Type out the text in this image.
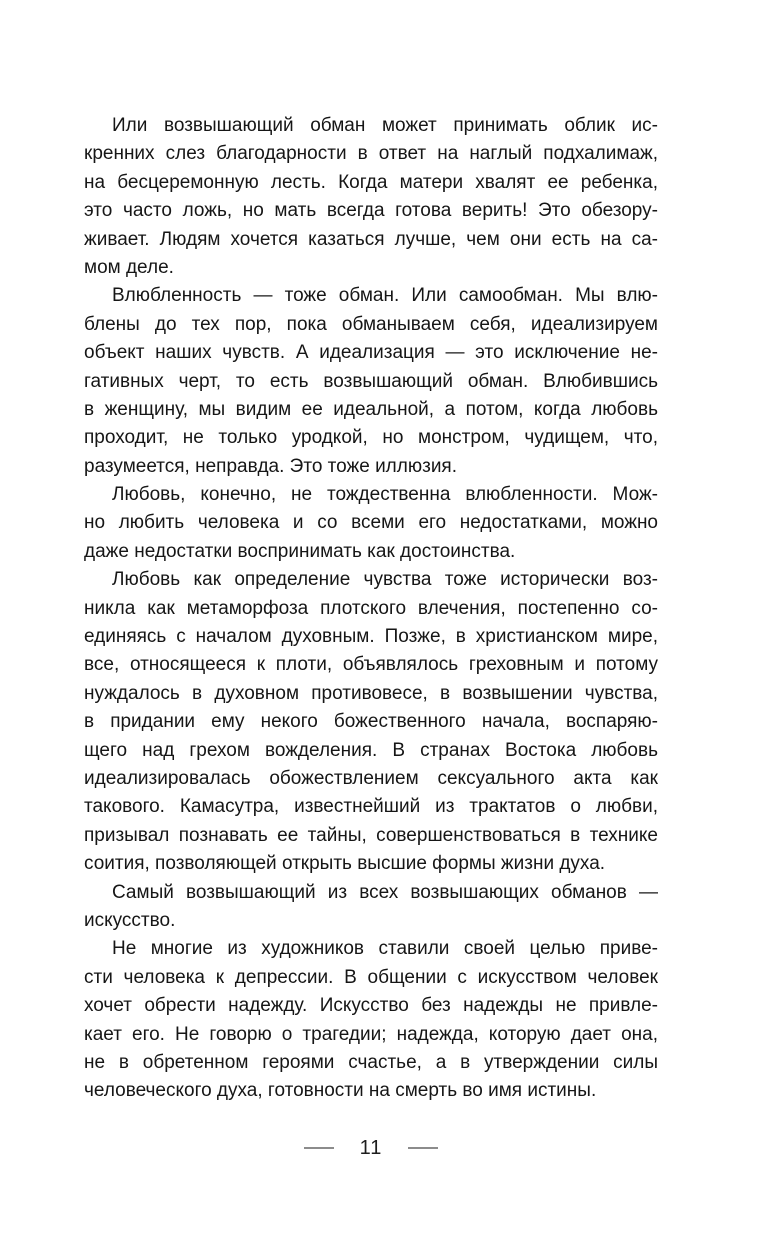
Или возвышающий обман может принимать облик ис-
кренних слез благодарности в ответ на наглый подхалимаж,
на бесцеремонную лесть. Когда матери хвалят ее ребенка,
это часто ложь, но мать всегда готова верить! Это обезору-
живает. Людям хочется казаться лучше, чем они есть на са-
мом деле.
Влюбленность — тоже обман. Или самообман. Мы влю-
блены до тех пор, пока обманываем себя, идеализируем
объект наших чувств. А идеализация — это исключение не-
гативных черт, то есть возвышающий обман. Влюбившись
в женщину, мы видим ее идеальной, а потом, когда любовь
проходит, не только уродкой, но монстром, чудищем, что,
разумеется, неправда. Это тоже иллюзия.
Любовь, конечно, не тождественна влюбленности. Мож-
но любить человека и со всеми его недостатками, можно
даже недостатки воспринимать как достоинства.
Любовь как определение чувства тоже исторически воз-
никла как метаморфоза плотского влечения, постепенно со-
единяясь с началом духовным. Позже, в христианском мире,
все, относящееся к плоти, объявлялось греховным и потому
нуждалось в духовном противовесе, в возвышении чувства,
в придании ему некого божественного начала, воспаряю-
щего над грехом вожделения. В странах Востока любовь
идеализировалась обожествлением сексуального акта как
такового. Камасутра, известнейший из трактатов о любви,
призывал познавать ее тайны, совершенствоваться в технике
соития, позволяющей открыть высшие формы жизни духа.
Самый возвышающий из всех возвышающих обманов —
искусство.
Не многие из художников ставили своей целью приве-
сти человека к депрессии. В общении с искусством человек
хочет обрести надежду. Искусство без надежды не привле-
кает его. Не говорю о трагедии; надежда, которую дает она,
не в обретенном героями счастье, а в утверждении силы
человеческого духа, готовности на смерть во имя истины.
11
